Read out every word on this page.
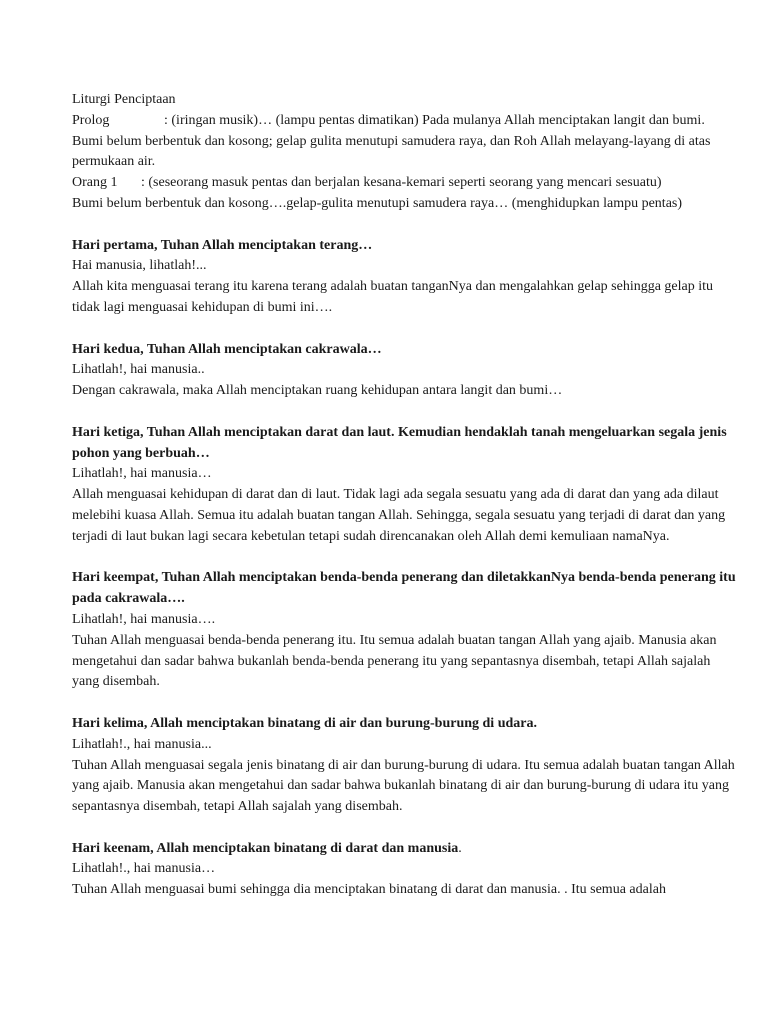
Liturgi Penciptaan

Prolog	: (iringan musik)… (lampu pentas dimatikan) Pada mulanya Allah menciptakan langit dan bumi. Bumi belum berbentuk dan kosong; gelap gulita menutupi samudera raya, dan Roh Allah melayang-layang di atas permukaan air.

Orang 1 : (seseorang masuk pentas dan berjalan kesana-kemari seperti seorang yang mencari sesuatu)

Bumi belum berbentuk dan kosong….gelap-gulita menutupi samudera raya… (menghidupkan lampu pentas)

Hari pertama, Tuhan Allah menciptakan terang…

Hai manusia, lihatlah!...

Allah kita menguasai terang itu karena terang adalah buatan tanganNya dan mengalahkan gelap sehingga gelap itu tidak lagi menguasai kehidupan di bumi ini….

Hari kedua, Tuhan Allah menciptakan cakrawala…

Lihatlah!, hai manusia..

Dengan cakrawala, maka Allah menciptakan ruang kehidupan antara langit dan bumi…

Hari ketiga, Tuhan Allah menciptakan darat dan laut. Kemudian hendaklah tanah mengeluarkan segala jenis pohon yang berbuah…

Lihatlah!, hai manusia…

Allah menguasai kehidupan di darat dan di laut. Tidak lagi ada segala sesuatu yang ada di darat dan yang ada dilaut melebihi kuasa Allah. Semua itu adalah buatan tangan Allah. Sehingga, segala sesuatu yang terjadi di darat dan yang terjadi di laut bukan lagi secara kebetulan tetapi sudah direncanakan oleh Allah demi kemuliaan namaNya.

Hari keempat, Tuhan Allah menciptakan benda-benda penerang dan diletakkanNya benda-benda penerang itu pada cakrawala….

Lihatlah!, hai manusia….

Tuhan Allah menguasai benda-benda penerang itu. Itu semua adalah buatan tangan Allah yang ajaib. Manusia akan mengetahui dan sadar bahwa bukanlah benda-benda penerang itu yang sepantasnya disembah, tetapi Allah sajalah yang disembah.

Hari kelima, Allah menciptakan binatang di air dan burung-burung di udara.

Lihatlah!., hai manusia...

Tuhan Allah menguasai segala jenis binatang di air dan burung-burung di udara. Itu semua adalah buatan tangan Allah yang ajaib. Manusia akan mengetahui dan sadar bahwa bukanlah binatang di air dan burung-burung di udara itu yang sepantasnya disembah, tetapi Allah sajalah yang disembah.

Hari keenam, Allah menciptakan binatang di darat dan manusia.

Lihatlah!., hai manusia…

Tuhan Allah menguasai bumi sehingga dia menciptakan binatang di darat dan manusia. . Itu semua adalah
